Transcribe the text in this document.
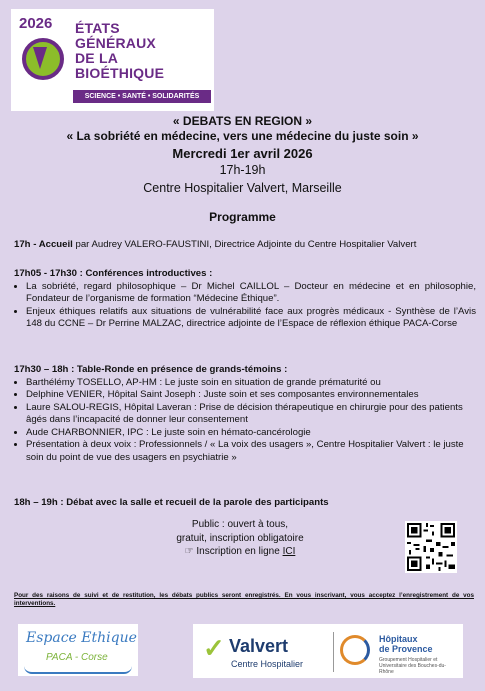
2026 ÉTATS
GÉNÉRAUX
DE LA
BIOÉTHIQUE
SCIENCE • SANTÉ • SOLIDARITÉS
« DEBATS EN REGION »
« La sobriété en médecine, vers une médecine du juste soin »
Mercredi 1er avril 2026
17h-19h
Centre Hospitalier Valvert, Marseille
Programme
17h - Accueil par Audrey VALERO-FAUSTINI, Directrice Adjointe du Centre Hospitalier Valvert
17h05 - 17h30 : Conférences introductives :
• La sobriété, regard philosophique – Dr Michel CAILLOL – Docteur en médecine et en philosophie, Fondateur de l’organisme de formation “Médecine Éthique”.
• Enjeux éthiques relatifs aux situations de vulnérabilité face aux progrès médicaux - Synthèse de l’Avis 148 du CCNE – Dr Perrine MALZAC, directrice adjointe de l’Espace de réflexion éthique PACA-Corse
17h30 – 18h : Table-Ronde en présence de grands-témoins :
• Barthélémy TOSELLO, AP-HM : Le juste soin en situation de grande prématurité ou
• Delphine VENIER, Hôpital Saint Joseph : Juste soin et ses composantes environnementales
• Laure SALOU-REGIS, Hôpital Laveran : Prise de décision thérapeutique en chirurgie pour des patients âgés dans l’incapacité de donner leur consentement
• Aude CHARBONNIER, IPC : Le juste soin en hémato-cancérologie
• Présentation à deux voix : Professionnels / « La voix des usagers », Centre Hospitalier Valvert : le juste soin du point de vue des usagers en psychiatrie »
18h – 19h : Débat avec la salle et recueil de la parole des participants
Public : ouvert à tous,
gratuit, inscription obligatoire
☞ Inscription en ligne ICI
Pour des raisons de suivi et de restitution, les débats publics seront enregistrés. En vous inscrivant, vous acceptez l’enregistrement de vos interventions.
Espace Ethique
PACA - Corse	✓ Valvert
Centre Hospitalier
Hôpitaux
de Provence
Groupement Hospitalier et Universitaire des Bouches-du-Rhône
